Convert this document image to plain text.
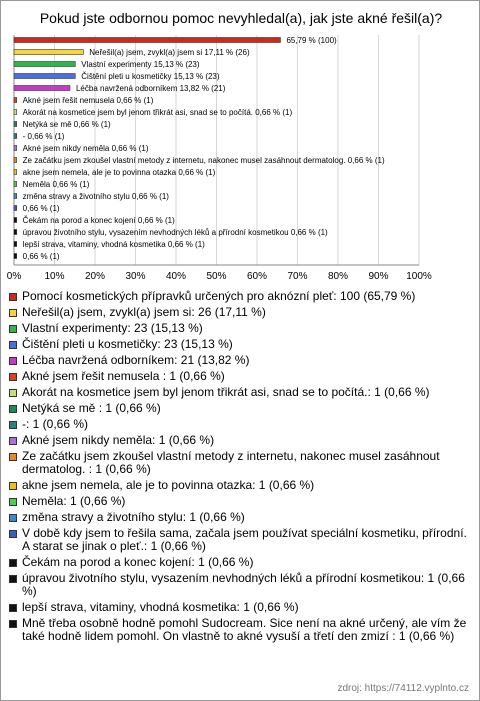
Pokud jste odbornou pomoc nevyhledal(a), jak jste akné řešil(a)?
0% 10% 20% 30% 40% 50% 60% 70% 80% 90% 100%
65,79 % (100)
Neřešil(a) jsem, zvykl(a) jsem si 17,11 % (26)
Vlastní experimenty 15,13 % (23)
Čištění pleti u kosmetičky 15,13 % (23)
Léčba navržená odborníkem 13,82 % (21)
Akné jsem řešit nemusela 0,66 % (1)
Akorát na kosmetice jsem byl jenom třikrát asi, snad se to počítá. 0,66 % (1)
Netýká se mě 0,66 % (1)
- 0,66 % (1)
Akné jsem nikdy neměla 0,66 % (1)
Ze začátku jsem zkoušel vlastní metody z internetu, nakonec musel zasáhnout dermatolog. 0,66 % (1)
akne jsem nemela, ale je to povinna otazka 0,66 % (1)
Neměla 0,66 % (1)
změna stravy a životního stylu 0,66 % (1)
0,66 % (1)
Čekám na porod a konec kojení 0,66 % (1)
úpravou životního stylu, vysazením nevhodných léků a přírodní kosmetikou 0,66 % (1)
lepší strava, vitaminy, vhodná kosmetika 0,66 % (1)
0,66 % (1)
Pomocí kosmetických přípravků určených pro aknózní pleť: 100 (65,79 %)
Neřešil(a) jsem, zvykl(a) jsem si: 26 (17,11 %)
Vlastní experimenty: 23 (15,13 %)
Čištění pleti u kosmetičky: 23 (15,13 %)
Léčba navržená odborníkem: 21 (13,82 %)
Akné jsem řešit nemusela : 1 (0,66 %)
Akorát na kosmetice jsem byl jenom třikrát asi, snad se to počítá.: 1 (0,66 %)
Netýká se mě : 1 (0,66 %)
-: 1 (0,66 %)
Akné jsem nikdy neměla: 1 (0,66 %)
Ze začátku jsem zkoušel vlastní metody z internetu, nakonec musel zasáhnout dermatolog. : 1 (0,66 %)
akne jsem nemela, ale je to povinna otazka: 1 (0,66 %)
Neměla: 1 (0,66 %)
změna stravy a životního stylu: 1 (0,66 %)
V době kdy jsem to řešila sama, začala jsem používat speciální kosmetiku, přírodní. A starat se jinak o pleť.: 1 (0,66 %)
Čekám na porod a konec kojení: 1 (0,66 %)
úpravou životního stylu, vysazením nevhodných léků a přírodní kosmetikou: 1 (0,66 %)
lepší strava, vitaminy, vhodná kosmetika: 1 (0,66 %)
Mně třeba osobně hodně pomohl Sudocream. Sice není na akné určený, ale vím že také hodně lidem pomohl. On vlastně to akné vysuší a třetí den zmizí : 1 (0,66 %)
zdroj: https://74112.vyplnto.cz
